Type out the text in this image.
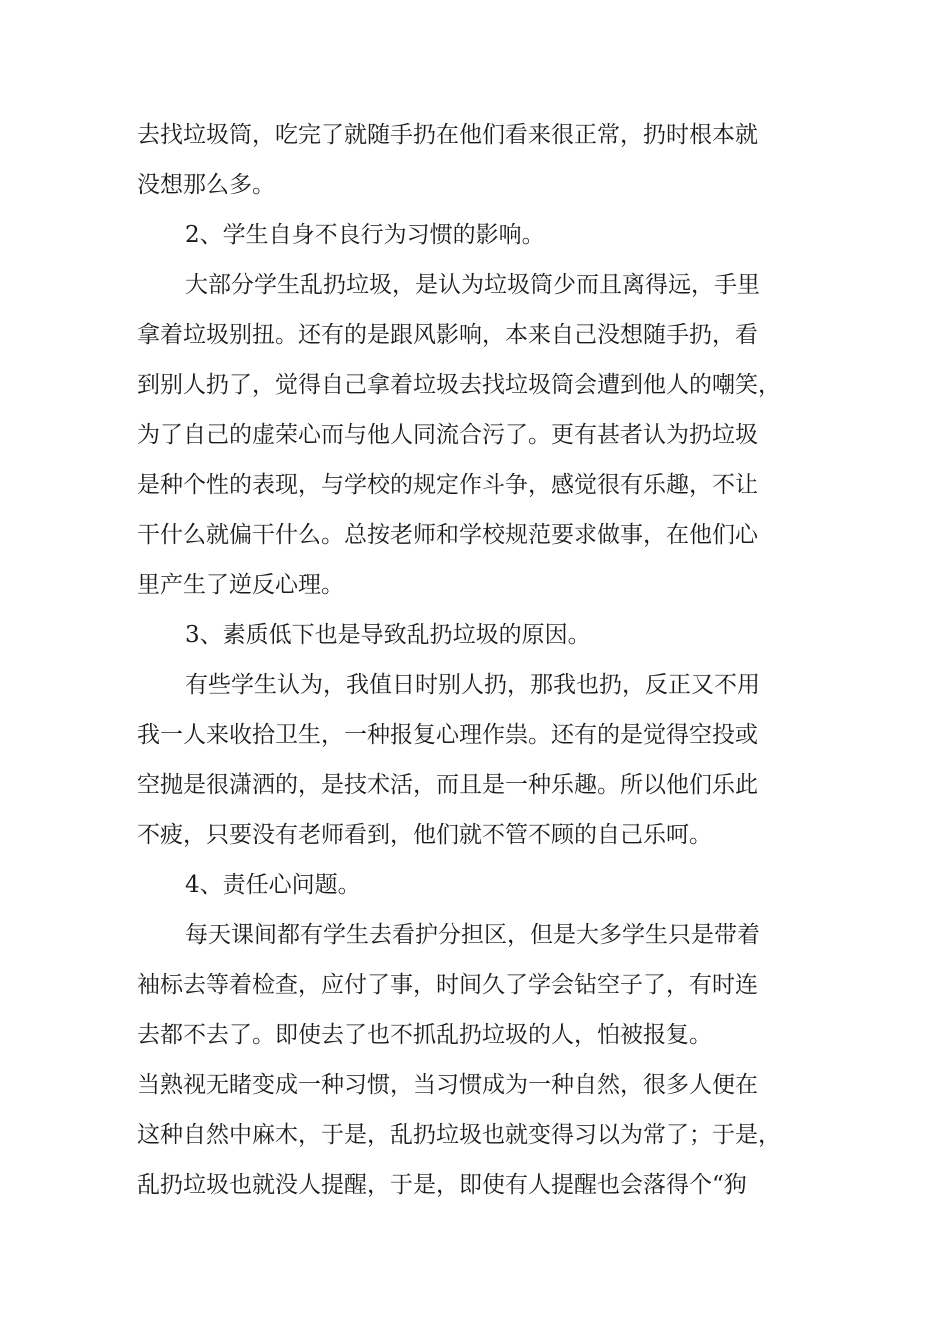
去找垃圾筒，吃完了就随手扔在他们看来很正常，扔时根本就
没想那么多。
2、学生自身不良行为习惯的影响。
大部分学生乱扔垃圾，是认为垃圾筒少而且离得远，手里
拿着垃圾别扭。还有的是跟风影响，本来自己没想随手扔，看
到别人扔了，觉得自己拿着垃圾去找垃圾筒会遭到他人的嘲笑，
为了自己的虚荣心而与他人同流合污了。更有甚者认为扔垃圾
是种个性的表现，与学校的规定作斗争，感觉很有乐趣，不让
干什么就偏干什么。总按老师和学校规范要求做事，在他们心
里产生了逆反心理。
3、素质低下也是导致乱扔垃圾的原因。
有些学生认为，我值日时别人扔，那我也扔，反正又不用
我一人来收拾卫生，一种报复心理作祟。还有的是觉得空投或
空抛是很潇洒的，是技术活，而且是一种乐趣。所以他们乐此
不疲，只要没有老师看到，他们就不管不顾的自己乐呵。
4、责任心问题。
每天课间都有学生去看护分担区，但是大多学生只是带着
袖标去等着检查，应付了事，时间久了学会钻空子了，有时连
去都不去了。即使去了也不抓乱扔垃圾的人，怕被报复。
当熟视无睹变成一种习惯，当习惯成为一种自然，很多人便在
这种自然中麻木，于是，乱扔垃圾也就变得习以为常了；于是，
乱扔垃圾也就没人提醒，于是，即使有人提醒也会落得个“狗
